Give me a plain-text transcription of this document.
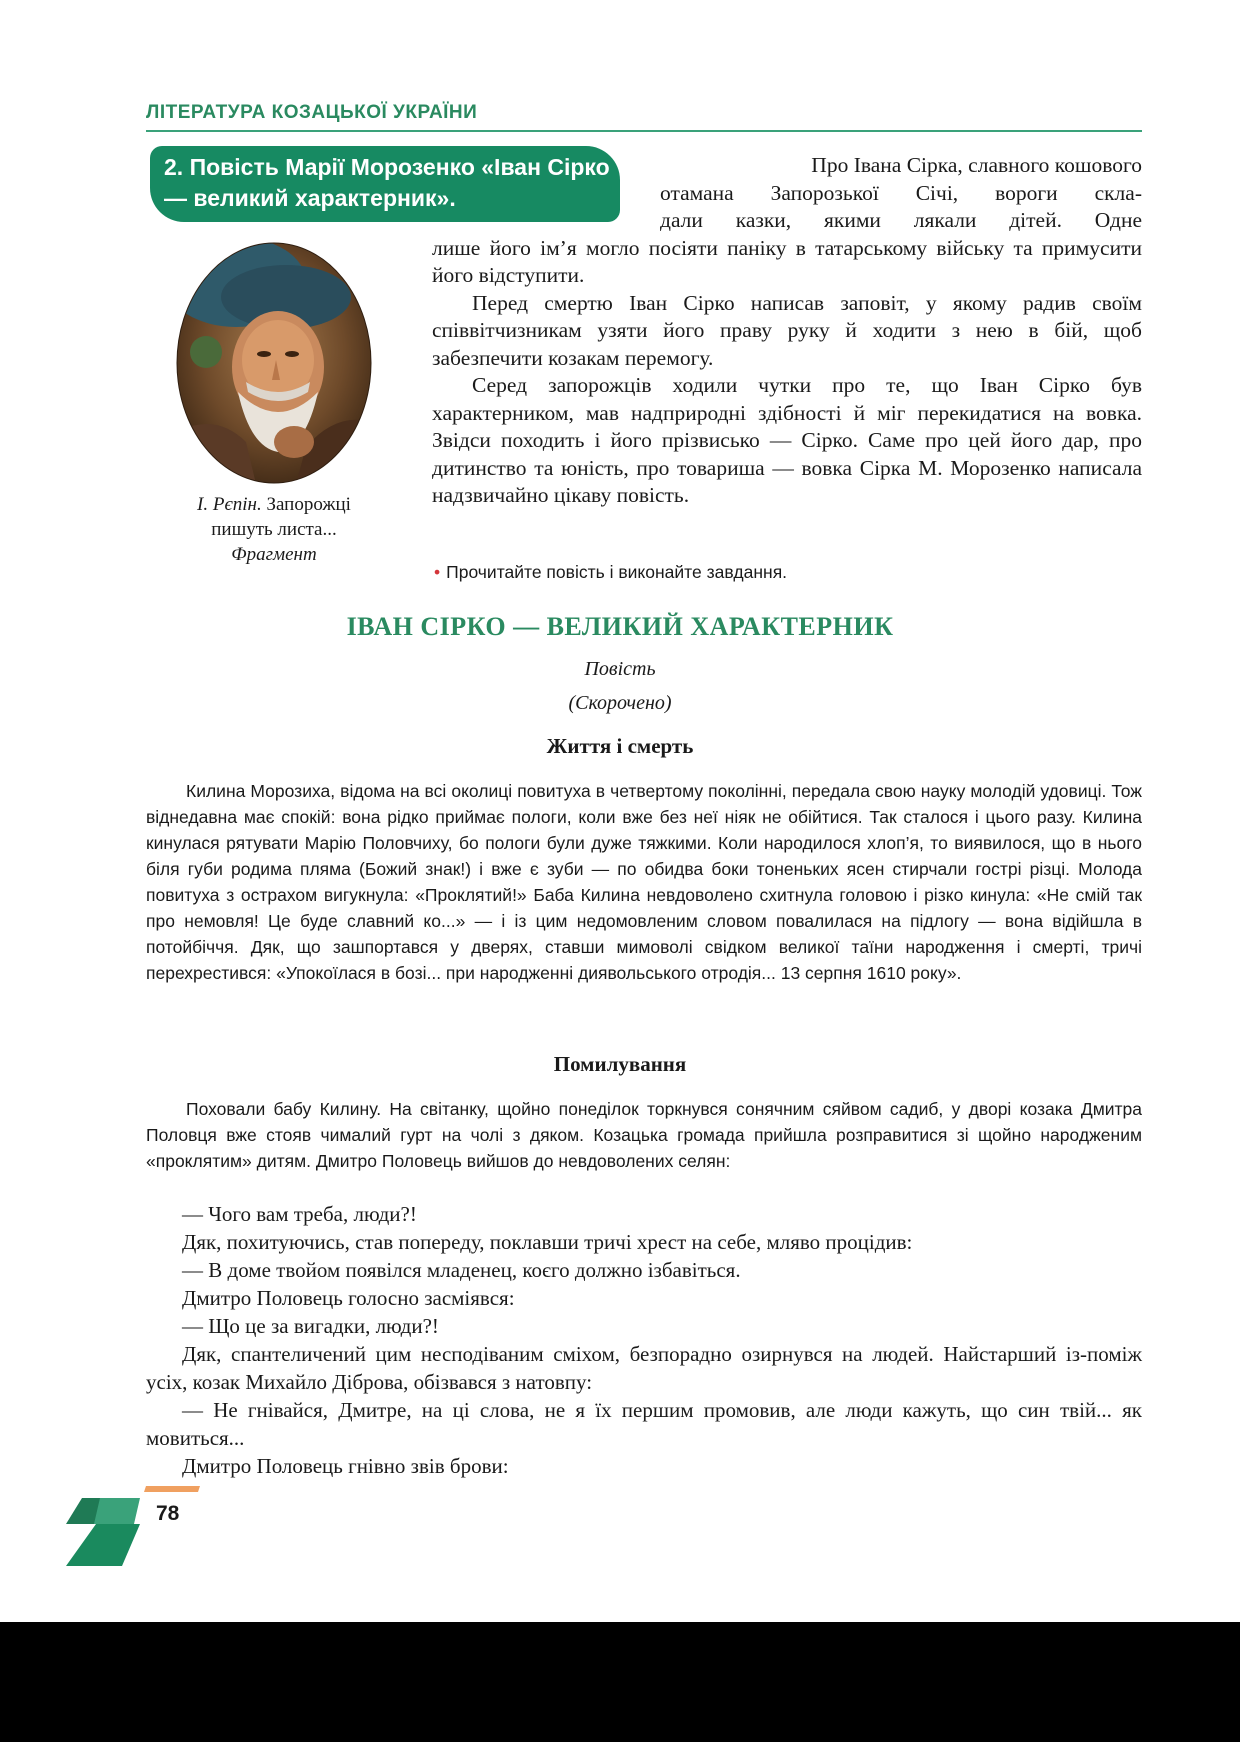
ЛІТЕРАТУРА КОЗАЦЬКОЇ УКРАЇНИ
2. Повість Марії Морозенко «Іван Сірко — великий характерник».
Про Івана Сірка, славного кошового
отамана Запорозької Січі, вороги скла-
дали казки, якими лякали дітей. Одне

лише його ім’я могло посіяти паніку в татарському війську та примусити його відступити.

Перед смертю Іван Сірко написав заповіт, у якому радив своїм співвітчизникам узяти його праву руку й ходити з нею в бій, щоб забезпечити козакам перемогу.

Серед запорожців ходили чутки про те, що Іван Сірко був характерником, мав надприродні здібності й міг перекидатися на вовка. Звідси походить і його прізвисько — Сірко. Саме про цей його дар, про дитинство та юність, про товариша — вовка Сірка М. Морозенко написала надзвичайно цікаву повість.

І. Рєпін. Запорожці
пишуть листа...
Фрагмент
• Прочитайте повість і виконайте завдання.
ІВАН СІРКО — ВЕЛИКИЙ ХАРАКТЕРНИК
Повість
(Скорочено)
Життя і смерть

Килина Морозиха, відома на всі околиці повитуха в четвертому поколінні, передала свою науку молодій удовиці. Тож віднедавна має спокій: вона рідко приймає пологи, коли вже без неї ніяк не обійтися. Так сталося і цього разу. Килина кинулася рятувати Марію Половчиху, бо пологи були дуже тяжкими. Коли народилося хлоп’я, то виявилося, що в нього біля губи родима пляма (Божий знак!) і вже є зуби — по обидва боки тоненьких ясен стирчали гострі різці. Молода повитуха з острахом вигукнула: «Проклятий!» Баба Килина невдоволено схитнула головою і різко кинула: «Не смій так про немовля! Це буде славний ко...» — і із цим недомовленим словом повалилася на підлогу — вона відійшла в потойбіччя. Дяк, що зашпортався у дверях, ставши мимоволі свідком великої таїни народження і смерті, тричі перехрестився: «Упокоїлася в бозі... при народженні диявольського отродія... 13 серпня 1610 року».

Помилування

Поховали бабу Килину. На світанку, щойно понеділок торкнувся сонячним сяйвом садиб, у дворі козака Дмитра Половця вже стояв чималий гурт на чолі з дяком. Козацька громада прийшла розправитися зі щойно народженим «проклятим» дитям. Дмитро Половець вийшов до невдоволених селян:

— Чого вам треба, люди?!

Дяк, похитуючись, став попереду, поклавши тричі хрест на себе, мляво процідив:

— В доме твойом появілся младенец, коєго должно ізбавіться.

Дмитро Половець голосно засміявся:

— Що це за вигадки, люди?!

Дяк, спантеличений цим несподіваним сміхом, безпорадно озирнувся на людей. Найстарший із-поміж усіх, козак Михайло Діброва, обізвався з натовпу:

— Не гнівайся, Дмитре, на ці слова, не я їх першим промовив, але люди кажуть, що син твій... як мовиться...

Дмитро Половець гнівно звів брови:

78
